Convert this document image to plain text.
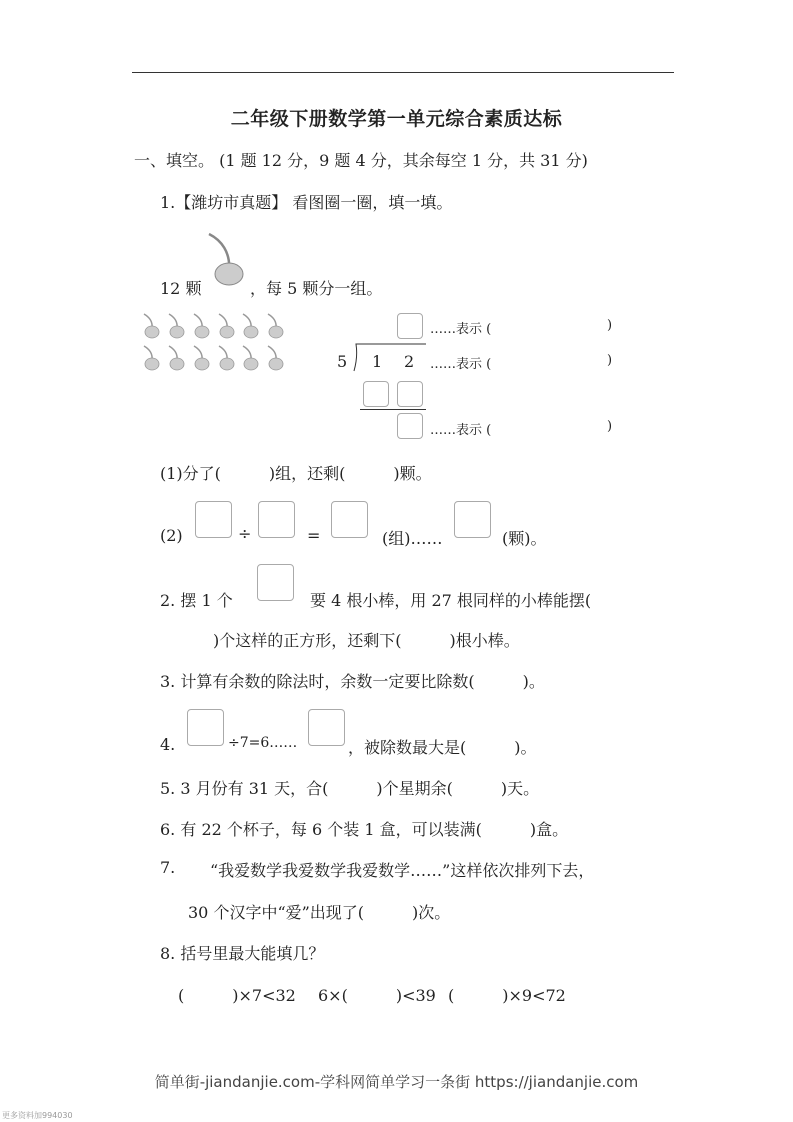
二年级下册数学第一单元综合素质达标
一、填空。 (1 题 12 分，9 题 4 分，其余每空 1 分，共 31 分)
1.【潍坊市真题】 看图圈一圈，填一填。
12 颗	，每 5 颗分一组。
……表示 (	)
5 1 2 ……表示 (	)
……表示 (	)
(1)分了(　　　)组，还剩(　　　)颗。
(2)	÷	=	(组)……	(颗)。
2. 摆 1 个	要 4 根小棒，用 27 根同样的小棒能摆(
)个这样的正方形，还剩下(　　　)根小棒。
3. 计算有余数的除法时，余数一定要比除数(　　　)。
4.	÷7=6……	，被除数最大是(　　　)。
5. 3 月份有 31 天，合(　　　)个星期余(　　　)天。
6. 有 22 个杯子，每 6 个装 1 盒，可以装满(　　　)盒。
7. “我爱数学我爱数学我爱数学……”这样依次排列下去，
30 个汉字中“爱”出现了(　　　)次。
8. 括号里最大能填几？
(　　　)×7<32 6×(　　　)<39 (　　　)×9<72
简单街-jiandanjie.com-学科网简单学习一条街 https://jiandanjie.com
更多资料加994030
